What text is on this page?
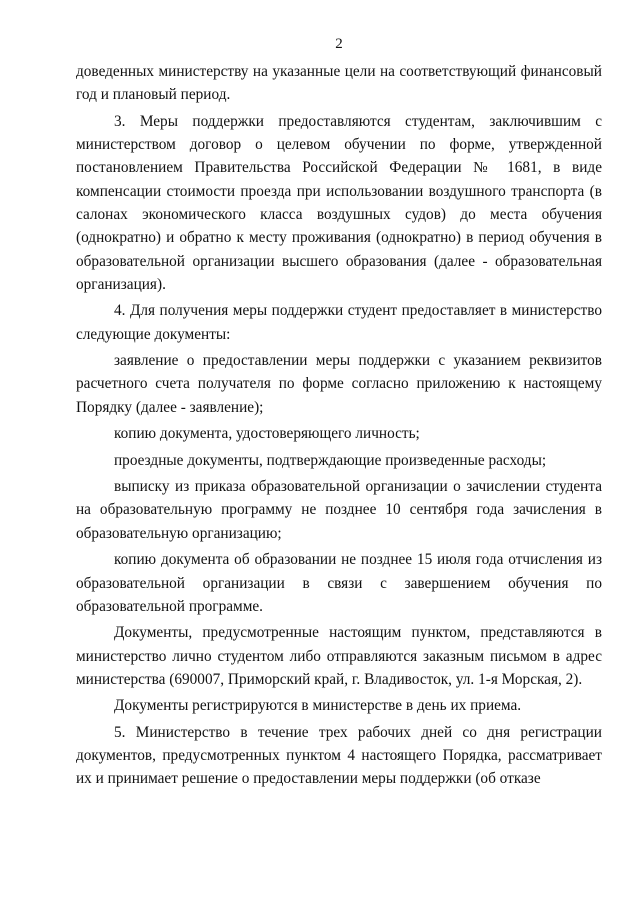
2

доведенных министерству на указанные цели на соответствующий финансовый год и плановый период.

3. Меры поддержки предоставляются студентам, заключившим с министерством договор о целевом обучении по форме, утвержденной постановлением Правительства Российской Федерации № 1681, в виде компенсации стоимости проезда при использовании воздушного транспорта (в салонах экономического класса воздушных судов) до места обучения (однократно) и обратно к месту проживания (однократно) в период обучения в образовательной организации высшего образования (далее - образовательная организация).

4. Для получения меры поддержки студент предоставляет в министерство следующие документы:

заявление о предоставлении меры поддержки с указанием реквизитов расчетного счета получателя по форме согласно приложению к настоящему Порядку (далее - заявление);

копию документа, удостоверяющего личность;

проездные документы, подтверждающие произведенные расходы;

выписку из приказа образовательной организации о зачислении студента на образовательную программу не позднее 10 сентября года зачисления в образовательную организацию;

копию документа об образовании не позднее 15 июля года отчисления из образовательной организации в связи с завершением обучения по образовательной программе.

Документы, предусмотренные настоящим пунктом, представляются в министерство лично студентом либо отправляются заказным письмом в адрес министерства (690007, Приморский край, г. Владивосток, ул. 1-я Морская, 2).

Документы регистрируются в министерстве в день их приема.

5. Министерство в течение трех рабочих дней со дня регистрации документов, предусмотренных пунктом 4 настоящего Порядка, рассматривает их и принимает решение о предоставлении меры поддержки (об отказе
